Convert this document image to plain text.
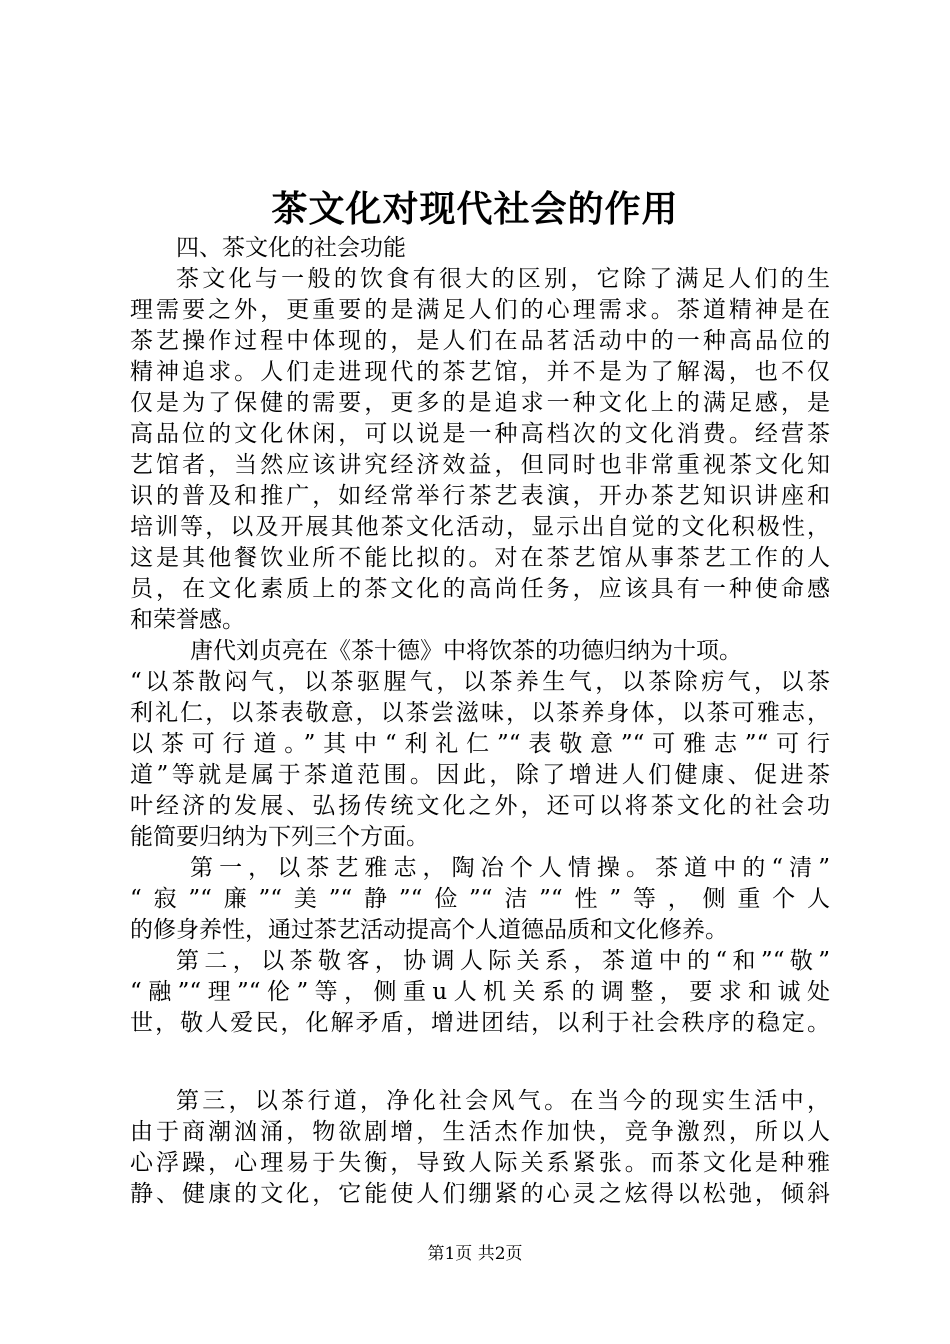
茶文化对现代社会的作用
四、茶文化的社会功能
茶文化与一般的饮食有很大的区别，它除了满足人们的生
理需要之外，更重要的是满足人们的心理需求。茶道精神是在
茶艺操作过程中体现的，是人们在品茗活动中的一种高品位的
精神追求。人们走进现代的茶艺馆，并不是为了解渴，也不仅
仅是为了保健的需要，更多的是追求一种文化上的满足感，是
高品位的文化休闲，可以说是一种高档次的文化消费。经营茶
艺馆者，当然应该讲究经济效益，但同时也非常重视茶文化知
识的普及和推广，如经常举行茶艺表演，开办茶艺知识讲座和
培训等，以及开展其他茶文化活动，显示出自觉的文化积极性，
这是其他餐饮业所不能比拟的。对在茶艺馆从事茶艺工作的人
员，在文化素质上的茶文化的高尚任务，应该具有一种使命感
和荣誉感。
唐代刘贞亮在《茶十德》中将饮茶的功德归纳为十项。
“以茶散闷气，以茶驱腥气，以茶养生气，以茶除疠气，以茶
利礼仁，以茶表敬意，以茶尝滋味，以茶养身体，以茶可雅志，
以茶可行道。”其中“利礼仁”“表敬意”“可雅志”“可行
道”等就是属于茶道范围。因此，除了增进人们健康、促进茶
叶经济的发展、弘扬传统文化之外，还可以将茶文化的社会功
能简要归纳为下列三个方面。
第一，以茶艺雅志，陶冶个人情操。茶道中的“清”
“寂”“廉”“美”“静”“俭”“洁”“性”等，侧重个人
的修身养性，通过茶艺活动提高个人道德品质和文化修养。
第二，以茶敬客，协调人际关系，茶道中的“和”“敬”
“融”“理”“伦”等，侧重u人机关系的调整，要求和诚处
世，敬人爱民，化解矛盾，增进团结，以利于社会秩序的稳定。
第三，以茶行道，净化社会风气。在当今的现实生活中，
由于商潮汹涌，物欲剧增，生活杰作加快，竞争激烈，所以人
心浮躁，心理易于失衡，导致人际关系紧张。而茶文化是种雅
静、健康的文化，它能使人们绷紧的心灵之炫得以松弛，倾斜
第1页 共2页
